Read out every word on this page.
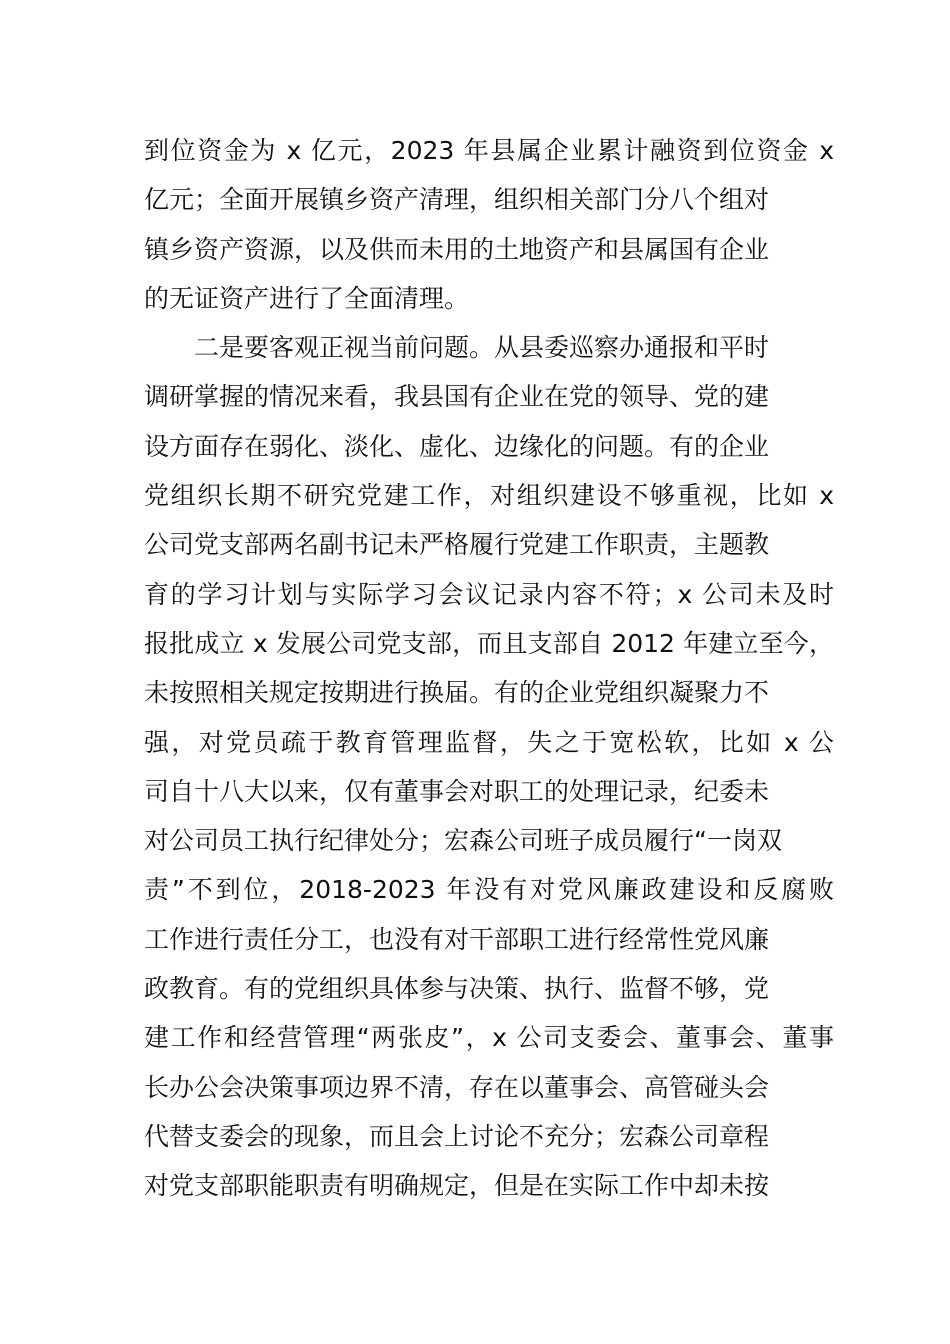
到位资金为 x 亿元，2023 年县属企业累计融资到位资金 x
亿元；全面开展镇乡资产清理，组织相关部门分八个组对
镇乡资产资源，以及供而未用的土地资产和县属国有企业
的无证资产进行了全面清理。
　　二是要客观正视当前问题。从县委巡察办通报和平时
调研掌握的情况来看，我县国有企业在党的领导、党的建
设方面存在弱化、淡化、虚化、边缘化的问题。有的企业
党组织长期不研究党建工作，对组织建设不够重视，比如 x
公司党支部两名副书记未严格履行党建工作职责，主题教
育的学习计划与实际学习会议记录内容不符；x 公司未及时
报批成立 x 发展公司党支部，而且支部自 2012 年建立至今，
未按照相关规定按期进行换届。有的企业党组织凝聚力不
强，对党员疏于教育管理监督，失之于宽松软，比如 x 公
司自十八大以来，仅有董事会对职工的处理记录，纪委未
对公司员工执行纪律处分；宏森公司班子成员履行“一岗双
责”不到位，2018-2023 年没有对党风廉政建设和反腐败
工作进行责任分工，也没有对干部职工进行经常性党风廉
政教育。有的党组织具体参与决策、执行、监督不够，党
建工作和经营管理“两张皮”，x 公司支委会、董事会、董事
长办公会决策事项边界不清，存在以董事会、高管碰头会
代替支委会的现象，而且会上讨论不充分；宏森公司章程
对党支部职能职责有明确规定，但是在实际工作中却未按
